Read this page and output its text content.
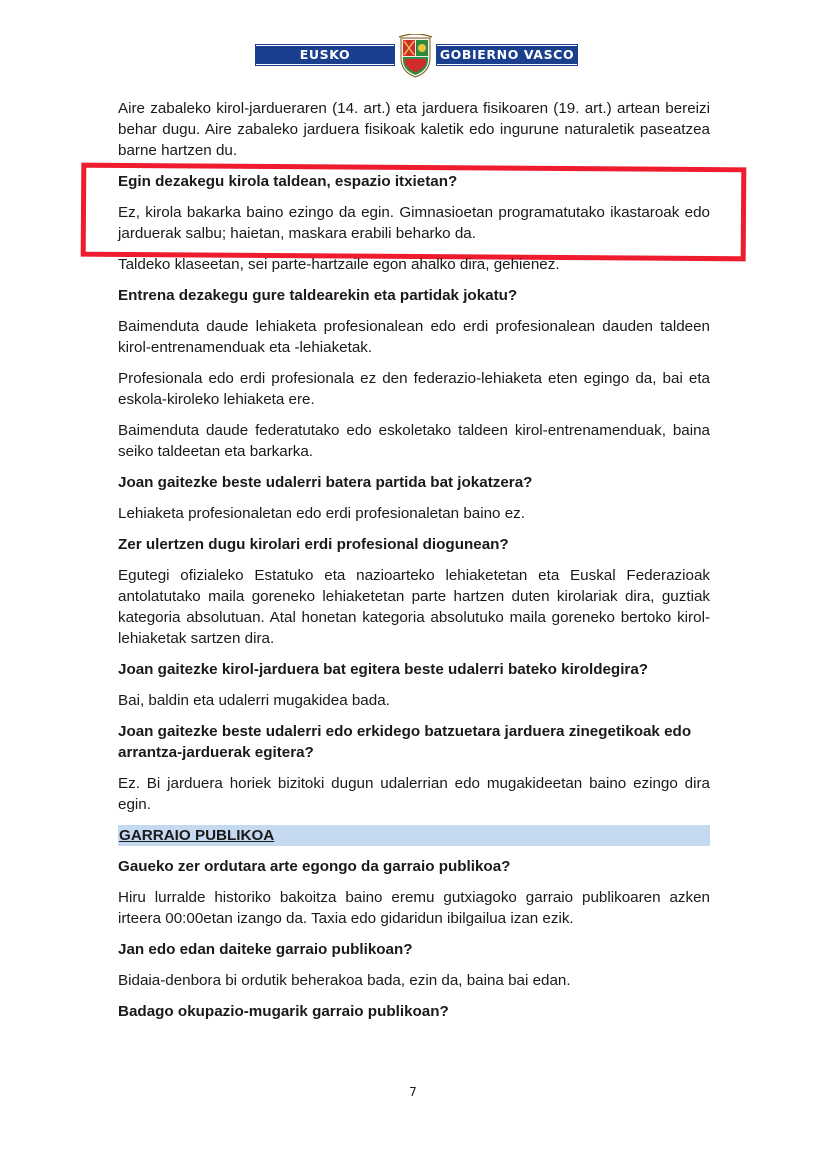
EUSKO JAURLARITZA
GOBIERNO VASCO

Aire zabaleko kirol-jardueraren (14. art.) eta jarduera fisikoaren (19. art.) artean bereizi behar dugu. Aire zabaleko jarduera fisikoak kaletik edo ingurune naturaletik paseatzea barne hartzen du.

Egin dezakegu kirola taldean, espazio itxietan?

Ez, kirola bakarka baino ezingo da egin. Gimnasioetan programatutako ikastaroak edo jarduerak salbu; haietan, maskara erabili beharko da.

Taldeko klaseetan, sei parte-hartzaile egon ahalko dira, gehienez.

Entrena dezakegu gure taldearekin eta partidak jokatu?

Baimenduta daude lehiaketa profesionalean edo erdi profesionalean dauden taldeen kirol-entrenamenduak eta -lehiaketak.

Profesionala edo erdi profesionala ez den federazio-lehiaketa eten egingo da, bai eta eskola-kiroleko lehiaketa ere.

Baimenduta daude federatutako edo eskoletako taldeen kirol-entrenamenduak, baina seiko taldeetan eta barkarka.

Joan gaitezke beste udalerri batera partida bat jokatzera?

Lehiaketa profesionaletan edo erdi profesionaletan baino ez.

Zer ulertzen dugu kirolari erdi profesional diogunean?

Egutegi ofizialeko Estatuko eta nazioarteko lehiaketetan eta Euskal Federazioak antolatutako maila goreneko lehiaketetan parte hartzen duten kirolariak dira, guztiak kategoria absolutuan. Atal honetan kategoria absolutuko maila goreneko bertoko kirol-lehiaketak sartzen dira.

Joan gaitezke kirol-jarduera bat egitera beste udalerri bateko kiroldegira?

Bai, baldin eta udalerri mugakidea bada.

Joan gaitezke beste udalerri edo erkidego batzuetara jarduera zinegetikoak edo arrantza-jarduerak egitera?

Ez. Bi jarduera horiek bizitoki dugun udalerrian edo mugakideetan baino ezingo dira egin.

GARRAIO PUBLIKOA

Gaueko zer ordutara arte egongo da garraio publikoa?

Hiru lurralde historiko bakoitza baino eremu gutxiagoko garraio publikoaren azken irteera 00:00etan izango da. Taxia edo gidaridun ibilgailua izan ezik.

Jan edo edan daiteke garraio publikoan?

Bidaia-denbora bi ordutik beherakoa bada, ezin da, baina bai edan.

Badago okupazio-mugarik garraio publikoan?

7
